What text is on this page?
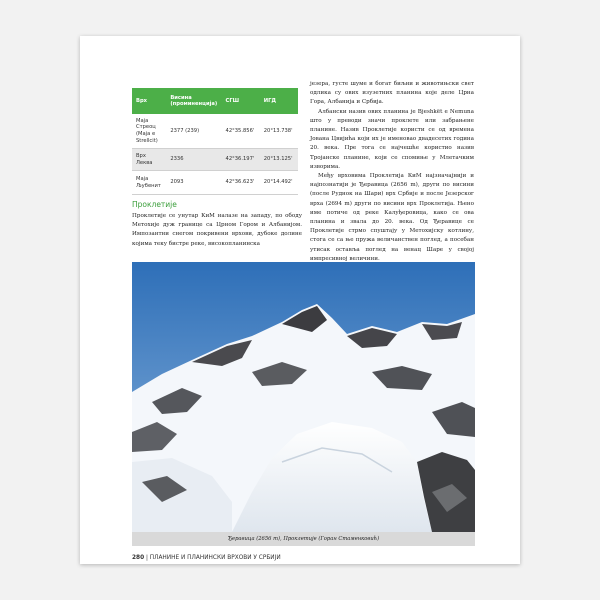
Врх	Висина (проминенција)	СГШ	ИГД
Маја Стреоц (Маја е Strellcit)	2377 (239)	42°35.856'	20°13.738'
Врх Леква	2336	42°36.197'	20°13.125'
Маја Љубенит	2093	42°36.623'	20°14.492'
Проклетије

Проклетије се унутар КиМ налазе на западу, по ободу Метохије дуж границе са Црном Гором и Албанијом. Импозантни снегом покривени врхови, дубоке долине којима теку бистре реке, високопланинска

језера, густе шуме и богат биљни и животињски свет одлика су ових изузетних планина које деле Црна Гора, Албанија и Србија.

Албански назив ових планина је Bjeshkët e Nemuna што у преводи значи проклете или забрањене планине. Назив Проклетије користи се од времена Јована Цвијића који их је именовао двадесетих година 20. века. Пре тога се најчешће користио назив Тројанске планине, који се спомиње у Млетачким изворима.

Међу врховима Проклетија КиМ најзначајнији и најпознатији је Ђеравица (2656 m), други по висини (после Руднок на Шари) врх Србије и после Језерског врха (2694 m) други по висини врх Проклетија. Њено име потиче од реке Калуђеровица, како се ова планина и звала до 20. века. Од Ђеравице се Проклетије стрмо спуштају у Метохијску котлину, стога се са ње пружа величанствен поглед, а посебан утисак оставља поглед на венац Шаре у својој импресивној величини.

Ђеравица (2656 m), Проклетије (Горан Стаменковић)
280 | ПЛАНИНЕ И ПЛАНИНСКИ ВРХОВИ У СРБИЈИ
